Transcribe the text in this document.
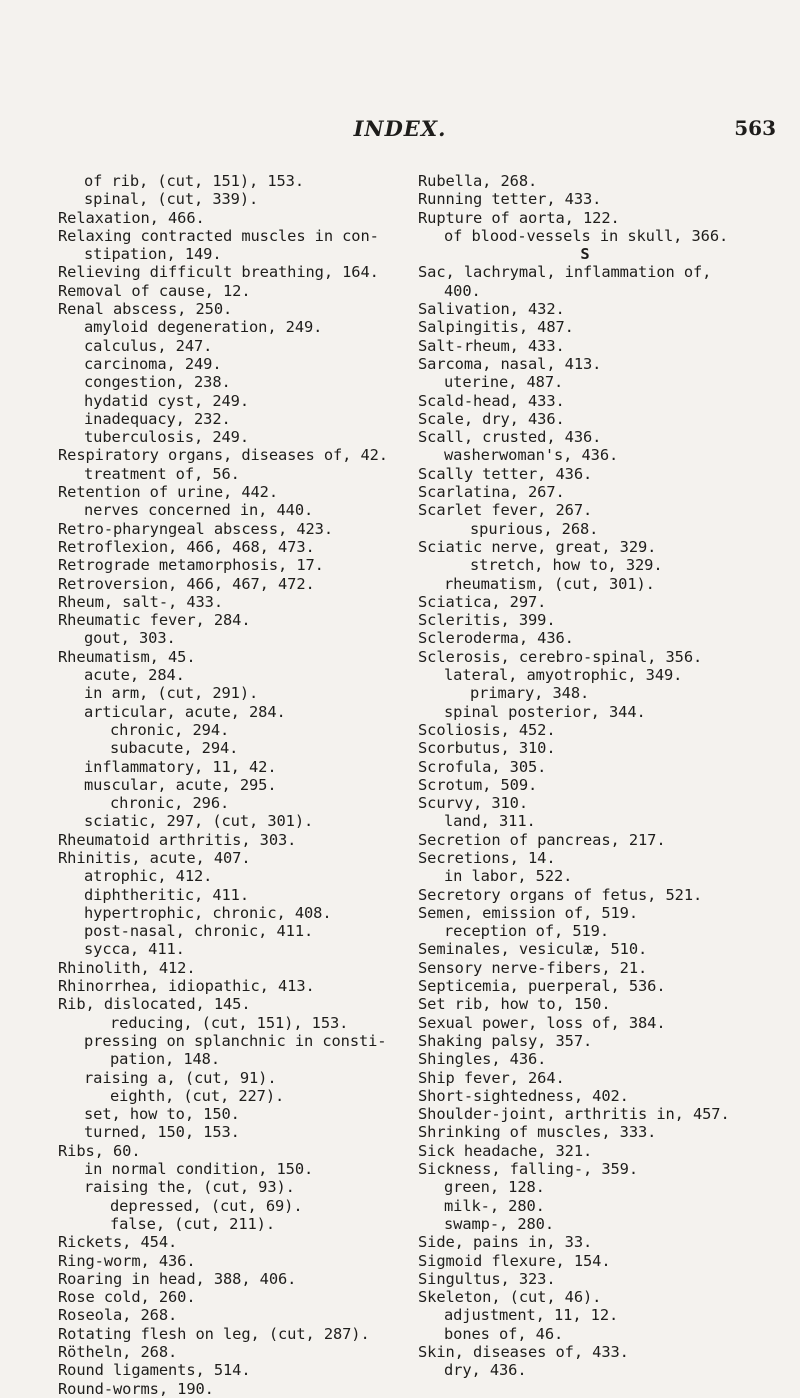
INDEX.	563
of rib, (cut, 151), 153.
spinal, (cut, 339).
Relaxation, 466.
Relaxing contracted muscles in con-
stipation, 149.
Relieving difficult breathing, 164.
Removal of cause, 12.
Renal abscess, 250.
amyloid degeneration, 249.
calculus, 247.
carcinoma, 249.
congestion, 238.
hydatid cyst, 249.
inadequacy, 232.
tuberculosis, 249.
Respiratory organs, diseases of, 42.
treatment of, 56.
Retention of urine, 442.
nerves concerned in, 440.
Retro-pharyngeal abscess, 423.
Retroflexion, 466, 468, 473.
Retrograde metamorphosis, 17.
Retroversion, 466, 467, 472.
Rheum, salt-, 433.
Rheumatic fever, 284.
gout, 303.
Rheumatism, 45.
acute, 284.
in arm, (cut, 291).
articular, acute, 284.
chronic, 294.
subacute, 294.
inflammatory, 11, 42.
muscular, acute, 295.
chronic, 296.
sciatic, 297, (cut, 301).
Rheumatoid arthritis, 303.
Rhinitis, acute, 407.
atrophic, 412.
diphtheritic, 411.
hypertrophic, chronic, 408.
post-nasal, chronic, 411.
sycca, 411.
Rhinolith, 412.
Rhinorrhea, idiopathic, 413.
Rib, dislocated, 145.
reducing, (cut, 151), 153.
pressing on splanchnic in consti-
pation, 148.
raising a, (cut, 91).
eighth, (cut, 227).
set, how to, 150.
turned, 150, 153.
Ribs, 60.
in normal condition, 150.
raising the, (cut, 93).
depressed, (cut, 69).
false, (cut, 211).
Rickets, 454.
Ring-worm, 436.
Roaring in head, 388, 406.
Rose cold, 260.
Roseola, 268.
Rotating flesh on leg, (cut, 287).
Rötheln, 268.
Round ligaments, 514.
Round-worms, 190.
Rubella, 268.
Running tetter, 433.
Rupture of aorta, 122.
of blood-vessels in skull, 366.
S
Sac, lachrymal, inflammation of,
400.
Salivation, 432.
Salpingitis, 487.
Salt-rheum, 433.
Sarcoma, nasal, 413.
uterine, 487.
Scald-head, 433.
Scale, dry, 436.
Scall, crusted, 436.
washerwoman's, 436.
Scally tetter, 436.
Scarlatina, 267.
Scarlet fever, 267.
spurious, 268.
Sciatic nerve, great, 329.
stretch, how to, 329.
rheumatism, (cut, 301).
Sciatica, 297.
Scleritis, 399.
Scleroderma, 436.
Sclerosis, cerebro-spinal, 356.
lateral, amyotrophic, 349.
primary, 348.
spinal posterior, 344.
Scoliosis, 452.
Scorbutus, 310.
Scrofula, 305.
Scrotum, 509.
Scurvy, 310.
land, 311.
Secretion of pancreas, 217.
Secretions, 14.
in labor, 522.
Secretory organs of fetus, 521.
Semen, emission of, 519.
reception of, 519.
Seminales, vesiculæ, 510.
Sensory nerve-fibers, 21.
Septicemia, puerperal, 536.
Set rib, how to, 150.
Sexual power, loss of, 384.
Shaking palsy, 357.
Shingles, 436.
Ship fever, 264.
Short-sightedness, 402.
Shoulder-joint, arthritis in, 457.
Shrinking of muscles, 333.
Sick headache, 321.
Sickness, falling-, 359.
green, 128.
milk-, 280.
swamp-, 280.
Side, pains in, 33.
Sigmoid flexure, 154.
Singultus, 323.
Skeleton, (cut, 46).
adjustment, 11, 12.
bones of, 46.
Skin, diseases of, 433.
dry, 436.
